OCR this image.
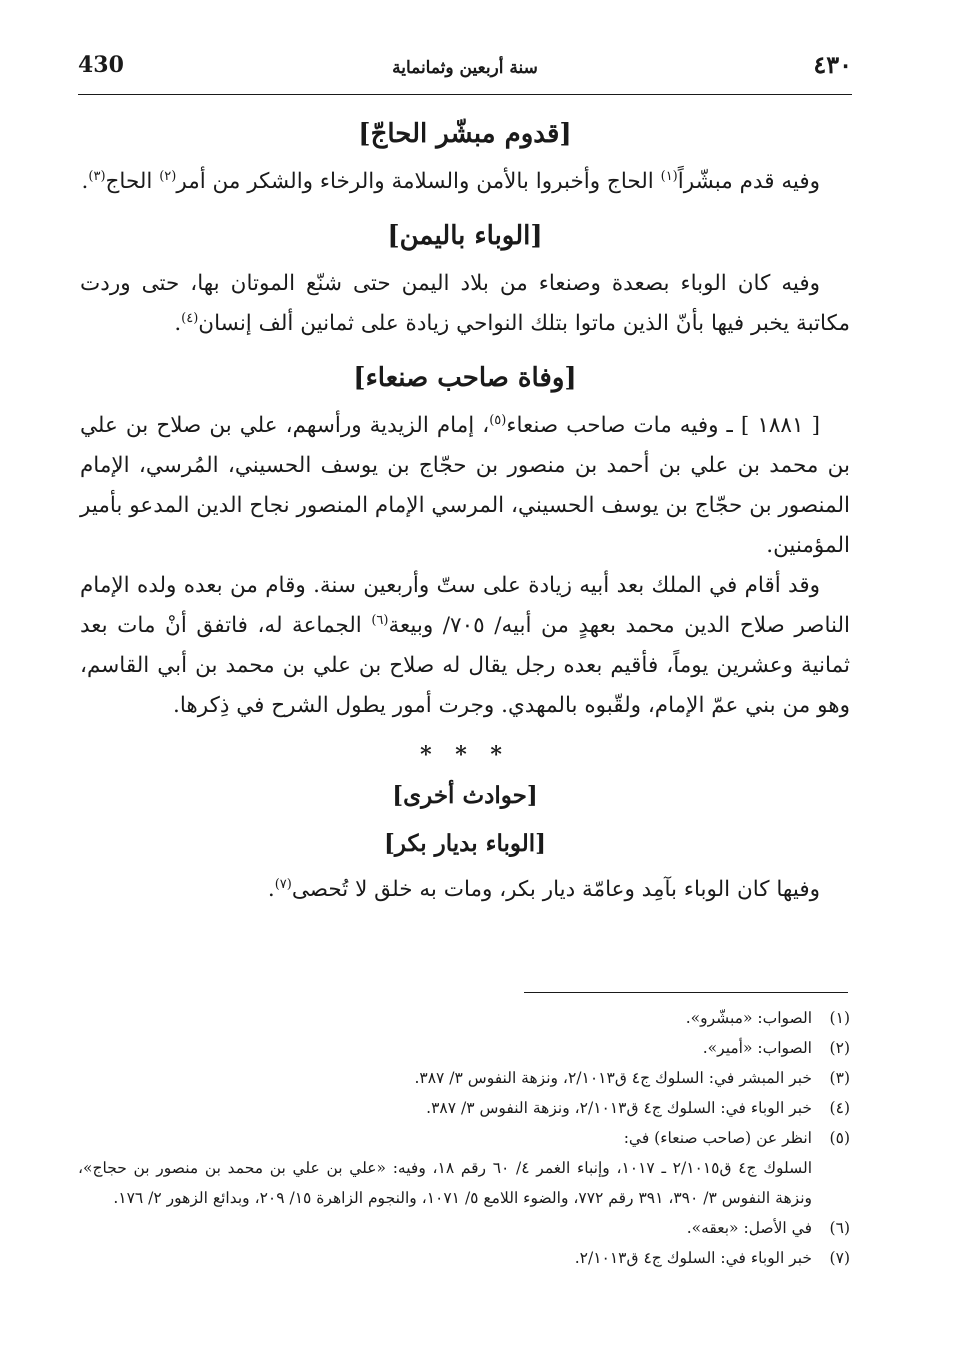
430	سنة أربعين وثمانماية	٤٣٠
[قدوم مبشّر الحاجّ]

وفيه قدم مبشّراً$^{(١)}$ الحاج وأخبروا بالأمن والسلامة والرخاء والشكر من أمر$^{(٢)}$ الحاج$^{(٣)}$.

[الوباء باليمن]

وفيه كان الوباء بصعدة وصنعاء من بلاد اليمن حتى شنّع الموتان بها، حتى وردت مكاتبة يخبر فيها بأنّ الذين ماتوا بتلك النواحي زيادة على ثمانين ألف إنسان$^{(٤)}$.

[وفاة صاحب صنعاء]

[ ١٨٨١ ] ـ وفيه مات صاحب صنعاء$^{(٥)}$، إمام الزيدية ورأسهم، علي بن صلاح بن علي بن محمد بن علي بن أحمد بن منصور بن حجّاج بن يوسف الحسيني، المُرسي، الإمام المنصور بن حجّاج بن يوسف الحسيني، المرسي الإمام المنصور نجاح الدين المدعو بأمير المؤمنين.

وقد أقام في الملك بعد أبيه زيادة على ستّ وأربعين سنة. وقام من بعده ولده الإمام الناصر صلاح الدين محمد بعهدٍ من أبيه/ ٧٠٥/ وبيعة$^{(٦)}$ الجماعة له، فاتفق أنْ مات بعد ثمانية وعشرين يوماً، فأقيم بعده رجل يقال له صلاح بن علي بن محمد بن أبي القاسم، وهو من بني عمّ الإمام، ولقّبوه بالمهدي. وجرت أمور يطول الشرح في ذِكرها.

* * *
[حوادث أخرى]
[الوباء بديار بكر]

وفيها كان الوباء بآمِد وعامّة ديار بكر، ومات به خلق لا تُحصى$^{(٧)}$.

(١)
الصواب: «مبشّرو».
(٢)
الصواب: «أمير».
(٣)
خبر المبشر في: السلوك ج٤ ق٢/١٠١٣، ونزهة النفوس ٣/ ٣٨٧.
(٤)
خبر الوباء في: السلوك ج٤ ق٢/١٠١٣، ونزهة النفوس ٣/ ٣٨٧.
(٥)
انظر عن (صاحب صنعاء) في:
السلوك ج٤ ق٢/١٠١٥ ـ ١٠١٧، وإنباء الغمر ٤/ ٦٠ رقم ١٨، وفيه: «علي بن علي بن محمد بن منصور بن حجاج»، ونزهة النفوس ٣/ ٣٩٠، ٣٩١ رقم ٧٧٢، والضوء اللامع ٥/ ١٠٧١، والنجوم الزاهرة ١٥/ ٢٠٩، وبدائع الزهور ٢/ ١٧٦.
(٦)
في الأصل: «بعقه».
(٧)
خبر الوباء في: السلوك ج٤ ق٢/١٠١٣.
